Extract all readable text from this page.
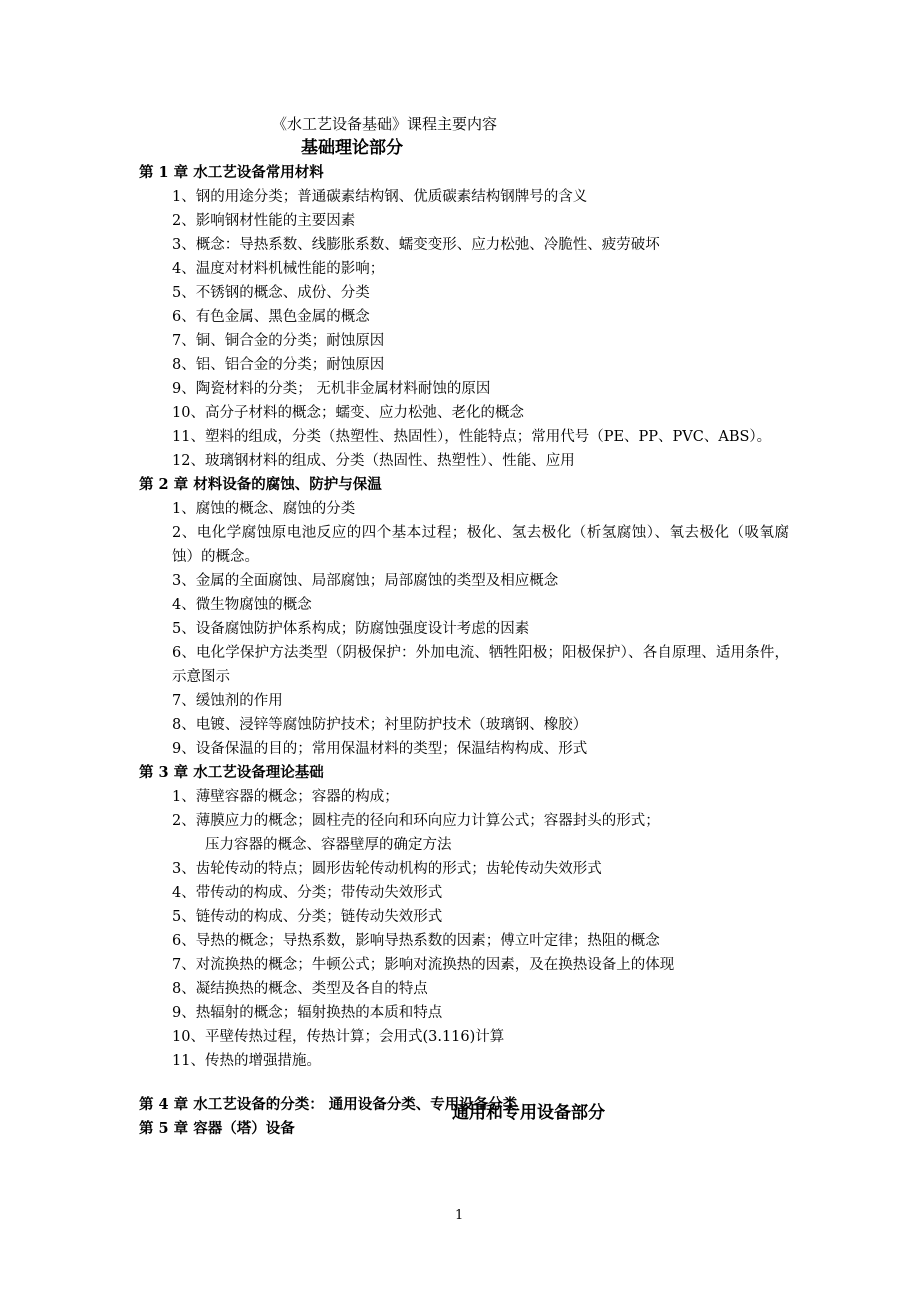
《水工艺设备基础》课程主要内容
基础理论部分
第 1 章 水工艺设备常用材料
1、钢的用途分类；普通碳素结构钢、优质碳素结构钢牌号的含义
2、影响钢材性能的主要因素
3、概念：导热系数、线膨胀系数、蠕变变形、应力松弛、冷脆性、疲劳破坏
4、温度对材料机械性能的影响；
5、不锈钢的概念、成份、分类
6、有色金属、黑色金属的概念
7、铜、铜合金的分类；耐蚀原因
8、铝、铝合金的分类；耐蚀原因
9、陶瓷材料的分类； 无机非金属材料耐蚀的原因
10、高分子材料的概念；蠕变、应力松弛、老化的概念
11、塑料的组成，分类（热塑性、热固性），性能特点；常用代号（PE、PP、PVC、ABS）。
12、玻璃钢材料的组成、分类（热固性、热塑性）、性能、应用
第 2 章 材料设备的腐蚀、防护与保温
1、腐蚀的概念、腐蚀的分类
2、电化学腐蚀原电池反应的四个基本过程；极化、氢去极化（析氢腐蚀）、氧去极化（吸氧腐蚀）的概念。
3、金属的全面腐蚀、局部腐蚀；局部腐蚀的类型及相应概念
4、微生物腐蚀的概念
5、设备腐蚀防护体系构成；防腐蚀强度设计考虑的因素
6、电化学保护方法类型（阴极保护：外加电流、牺牲阳极；阳极保护）、各自原理、适用条件，示意图示
7、缓蚀剂的作用
8、电镀、浸锌等腐蚀防护技术；衬里防护技术（玻璃钢、橡胶）
9、设备保温的目的；常用保温材料的类型；保温结构构成、形式
第 3 章 水工艺设备理论基础
1、薄壁容器的概念；容器的构成；
2、薄膜应力的概念；圆柱壳的径向和环向应力计算公式；容器封头的形式；
压力容器的概念、容器壁厚的确定方法
3、齿轮传动的特点；圆形齿轮传动机构的形式；齿轮传动失效形式
4、带传动的构成、分类；带传动失效形式
5、链传动的构成、分类；链传动失效形式
6、导热的概念；导热系数，影响导热系数的因素；傅立叶定律；热阻的概念
7、对流换热的概念；牛顿公式；影响对流换热的因素，及在换热设备上的体现
8、凝结换热的概念、类型及各自的特点
9、热辐射的概念；辐射换热的本质和特点
10、平壁传热过程，传热计算；会用式(3.116)计算
11、传热的增强措施。
第 4 章 水工艺设备的分类： 通用设备分类、专用设备分类
第 5 章 容器（塔）设备
通用和专用设备部分
1
